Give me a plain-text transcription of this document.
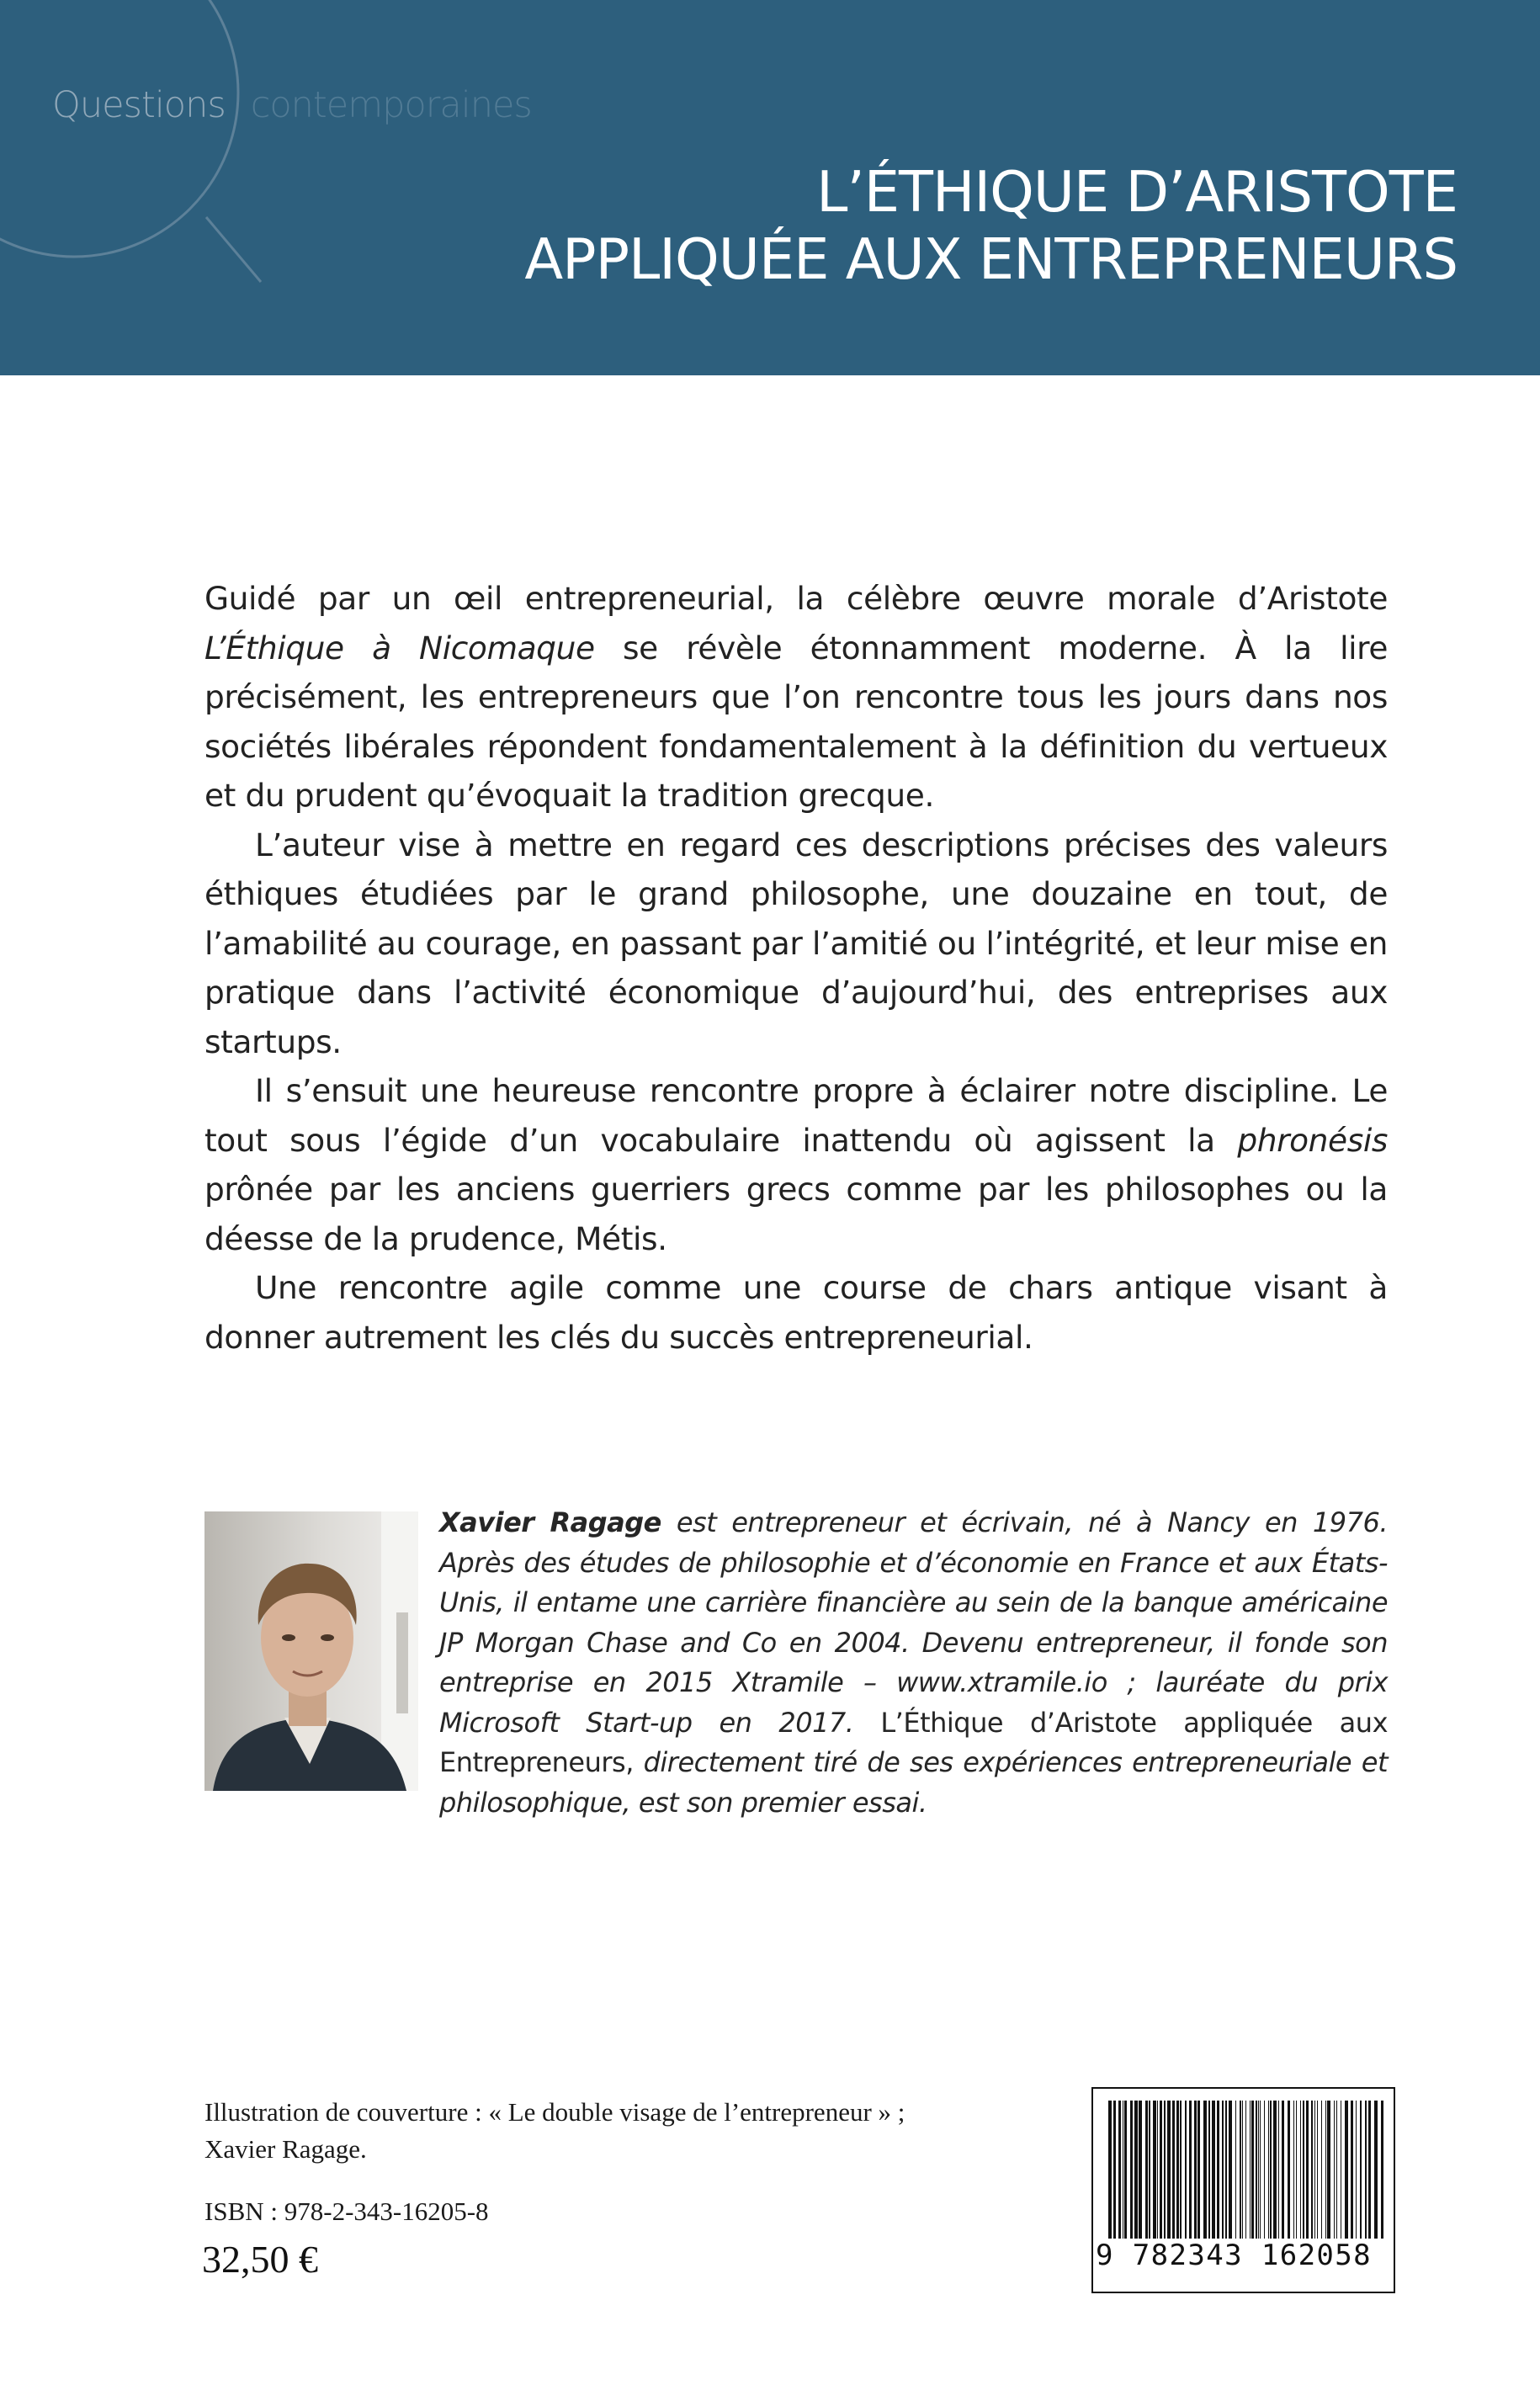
Questions contemporaines
L’ÉTHIQUE D’ARISTOTE
APPLIQUÉE AUX ENTREPRENEURS

Guidé par un œil entrepreneurial, la célèbre œuvre morale d’Aristote L’Éthique à Nicomaque se révèle étonnamment moderne. À la lire précisément, les entrepreneurs que l’on rencontre tous les jours dans nos sociétés libérales répondent fondamentalement à la définition du vertueux et du prudent qu’évoquait la tradition grecque.

L’auteur vise à mettre en regard ces descriptions précises des valeurs éthiques étudiées par le grand philosophe, une douzaine en tout, de l’amabilité au courage, en passant par l’amitié ou l’intégrité, et leur mise en pratique dans l’activité économique d’aujourd’hui, des entreprises aux startups.

Il s’ensuit une heureuse rencontre propre à éclairer notre discipline. Le tout sous l’égide d’un vocabulaire inattendu où agissent la phronésis prônée par les anciens guerriers grecs comme par les philosophes ou la déesse de la prudence, Métis.

Une rencontre agile comme une course de chars antique visant à donner autrement les clés du succès entrepreneurial.

Xavier Ragage est entrepreneur et écrivain, né à Nancy en 1976. Après des études de philosophie et d’économie en France et aux États-Unis, il entame une carrière financière au sein de la banque américaine JP Morgan Chase and Co en 2004. Devenu entrepreneur, il fonde son entreprise en 2015 Xtramile – www.xtramile.io ; lauréate du prix Microsoft Start-up en 2017. L’Éthique d’Aristote appliquée aux Entrepreneurs, directement tiré de ses expériences entrepreneuriale et philosophique, est son premier essai.
Illustration de couverture : « Le double visage de l’entrepreneur » ;
Xavier Ragage.
ISBN : 978-2-343-16205-8
32,50 €	9 782343 162058
